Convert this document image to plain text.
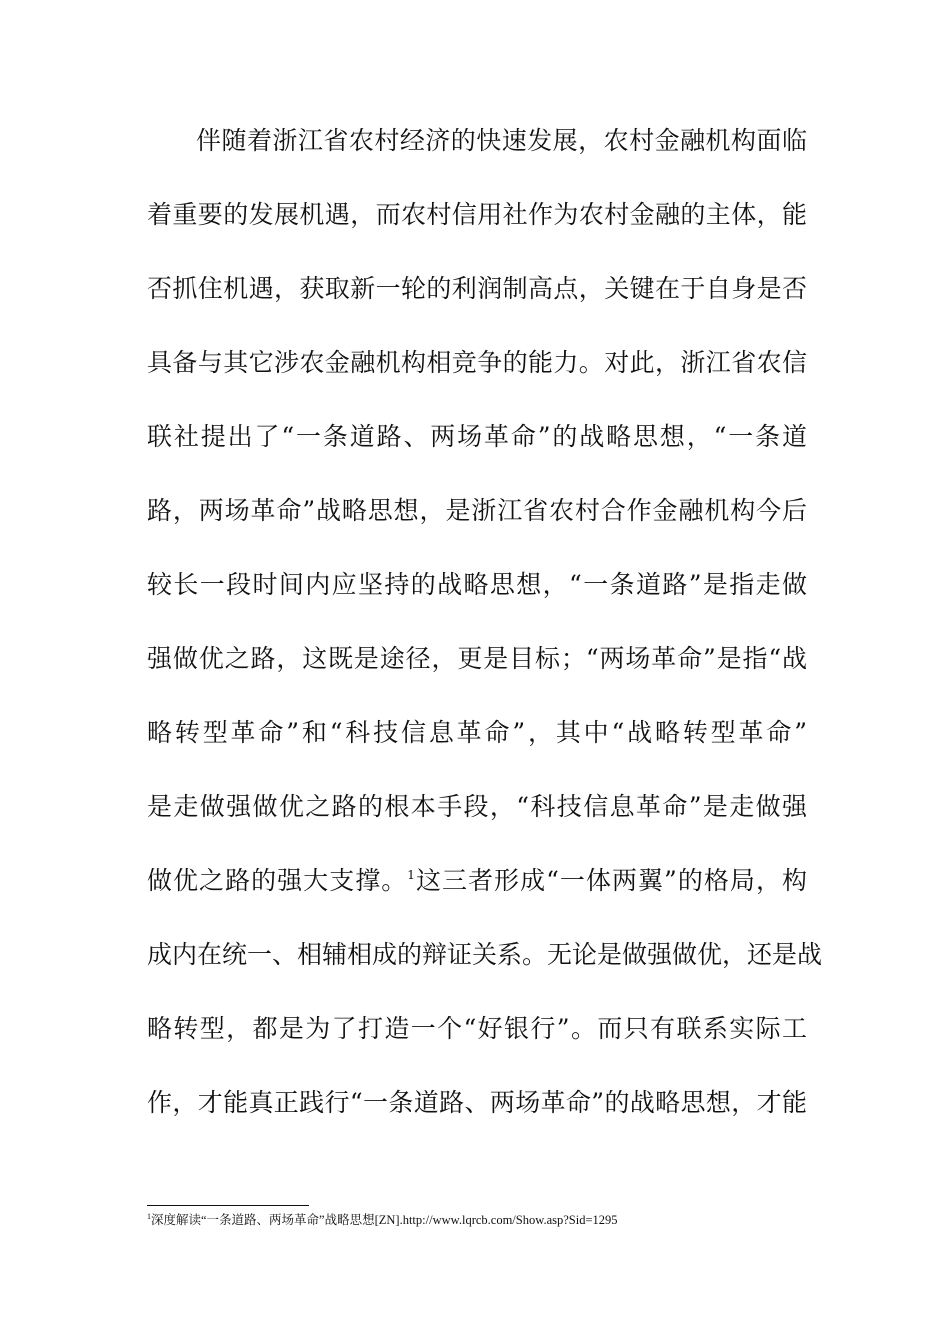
伴随着浙江省农村经济的快速发展，农村金融机构面临
着重要的发展机遇，而农村信用社作为农村金融的主体，能
否抓住机遇，获取新一轮的利润制高点，关键在于自身是否
具备与其它涉农金融机构相竞争的能力。对此，浙江省农信
联社提出了“一条道路、两场革命”的战略思想，“一条道
路，两场革命”战略思想，是浙江省农村合作金融机构今后
较长一段时间内应坚持的战略思想，“一条道路”是指走做
强做优之路，这既是途径，更是目标；“两场革命”是指“战
略转型革命”和“科技信息革命”，其中“战略转型革命”
是走做强做优之路的根本手段，“科技信息革命”是走做强
做优之路的强大支撑。$^1$这三者形成“一体两翼”的格局，构
成内在统一、相辅相成的辩证关系。无论是做强做优，还是战
略转型，都是为了打造一个“好银行”。而只有联系实际工
作，才能真正践行“一条道路、两场革命”的战略思想，才能
$^1$深度解读“一条道路、两场革命”战略思想[ZN].http://www.lqrcb.com/Show.asp?Sid=1295
